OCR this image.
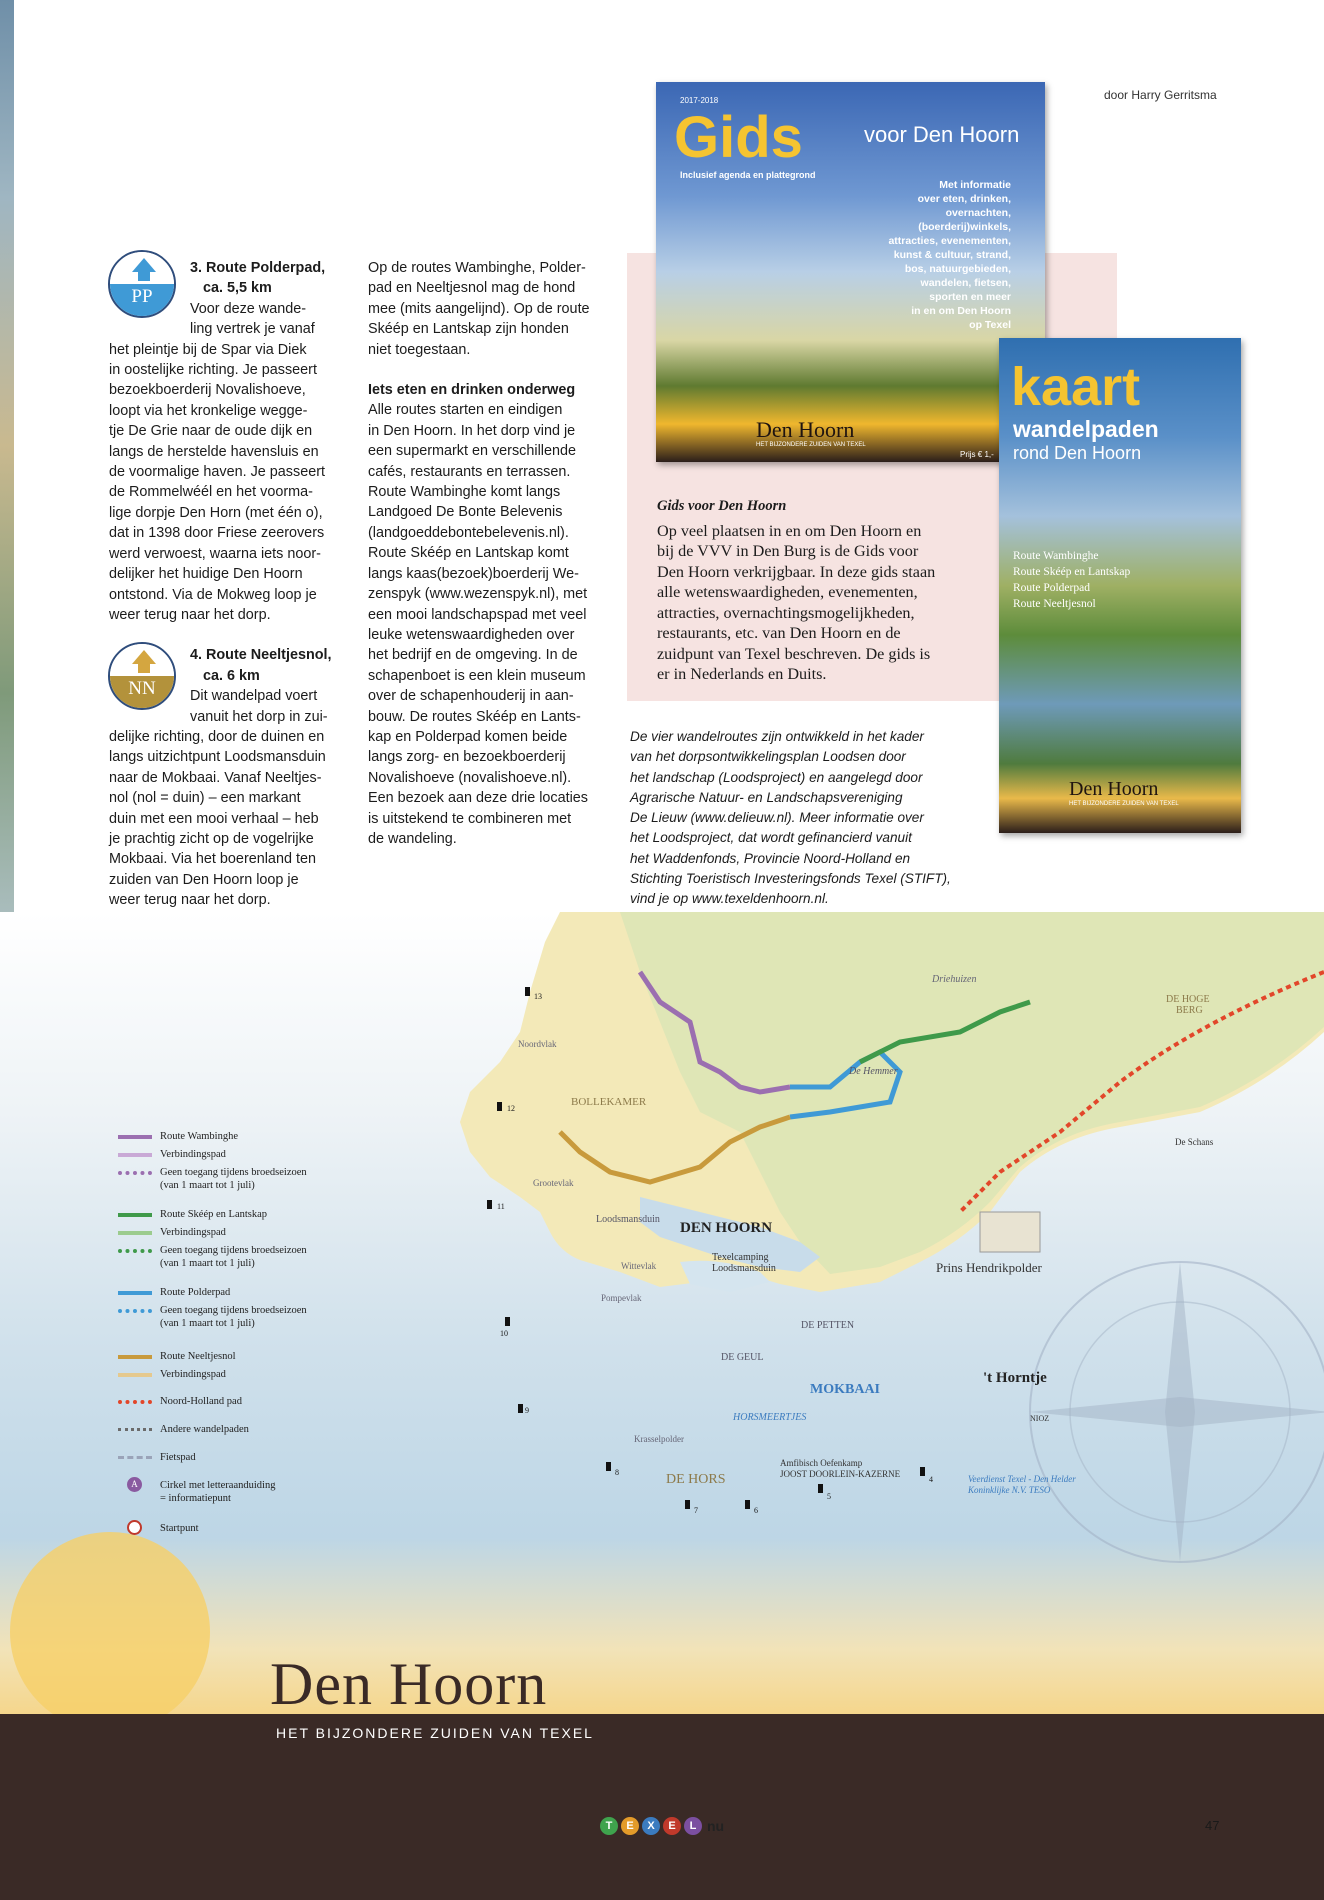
door Harry Gerritsma
PP
NN

3. Route Polderpad,

ca. 5,5 km

Voor deze wande-

ling vertrek je vanaf

het pleintje bij de Spar via Diek

in oostelijke richting. Je passeert

bezoekboerderij Novalishoeve,

loopt via het kronkelige wegge-

tje De Grie naar de oude dijk en

langs de herstelde havensluis en

de voormalige haven. Je passeert

de Rommelwéél en het voorma-

lige dorpje Den Horn (met één o),

dat in 1398 door Friese zeerovers

werd verwoest, waarna iets noor-

delijker het huidige Den Hoorn

ontstond. Via de Mokweg loop je

weer terug naar het dorp.

4. Route Neeltjesnol,

ca. 6 km

Dit wandelpad voert

vanuit het dorp in zui-

delijke richting, door de duinen en

langs uitzichtpunt Loodsmansduin

naar de Mokbaai. Vanaf Neeltjes-

nol (nol = duin) – een markant

duin met een mooi verhaal – heb

je prachtig zicht op de vogelrijke

Mokbaai. Via het boerenland ten

zuiden van Den Hoorn loop je

weer terug naar het dorp.

Op de routes Wambinghe, Polder-

pad en Neeltjesnol mag de hond

mee (mits aangelijnd). Op de route

Skéép en Lantskap zijn honden

niet toegestaan.

Iets eten en drinken onderweg

Alle routes starten en eindigen

in Den Hoorn. In het dorp vind je

een supermarkt en verschillende

cafés, restaurants en terrassen.

Route Wambinghe komt langs

Landgoed De Bonte Belevenis

(landgoeddebontebelevenis.nl).

Route Skéép en Lantskap komt

langs kaas(bezoek)boerderij We-

zenspyk (www.wezenspyk.nl), met

een mooi landschapspad met veel

leuke wetenswaardigheden over

het bedrijf en de omgeving. In de

schapenboet is een klein museum

over de schapenhouderij in aan-

bouw. De routes Skéép en Lants-

kap en Polderpad komen beide

langs zorg- en bezoekboerderij

Novalishoeve (novalishoeve.nl).

Een bezoek aan deze drie locaties

is uitstekend te combineren met

de wandeling.

2017-2018
Gids	voor Den Hoorn
Inclusief agenda en plattegrond
Met informatie
over eten, drinken,
overnachten,
(boerderij)winkels,
attracties, evenementen,
kunst & cultuur, strand,
bos, natuurgebieden,
wandelen, fietsen,
sporten en meer
in en om Den Hoorn
op Texel
Den Hoorn
HET BIJZONDERE ZUIDEN VAN TEXEL
Prijs € 1,-
kaart
wandelpaden
rond Den Hoorn
Route Wambinghe
Route Skéép en Lantskap
Route Polderpad
Route Neeltjesnol
Den Hoorn
HET BIJZONDERE ZUIDEN VAN TEXEL
Gids voor Den Hoorn
Op veel plaatsen in en om Den Hoorn en
bij de VVV in Den Burg is de Gids voor
Den Hoorn verkrijgbaar. In deze gids staan
alle wetenswaardigheden, evenementen,
attracties, overnachtingsmogelijkheden,
restaurants, etc. van Den Hoorn en de
zuidpunt van Texel beschreven. De gids is
er in Nederlands en Duits.
De vier wandelroutes zijn ontwikkeld in het kader
van het dorpsontwikkelingsplan Loodsen door
het landschap (Loodsproject) en aangelegd door
Agrarische Natuur- en Landschapsvereniging
De Lieuw (www.delieuw.nl). Meer informatie over
het Loodsproject, dat wordt gefinancierd vanuit
het Waddenfonds, Provincie Noord-Holland en
Stichting Toeristisch Investeringsfonds Texel (STIFT),
vind je op www.texeldenhoorn.nl.
DEN HOORN
MOKBAAI
't Horntje
DE HORS
BOLLEKAMER
Prins Hendrikpolder
De Hemmer
DE PETTEN
DE GEUL
HORSMEERTJES
Loodsmansduin
Texelcamping
Loodsmansduin
Driehuizen
DE HOGE
BERG
De Schans
NIOZ
Veerdienst Texel - Den Helder
Koninklijke N.V. TESO
Amfibisch Oefenkamp
JOOST DOORLEIN-KAZERNE
Pompevlak
Wittevlak
Grootevlak
Noordvlak
Krasselpolder
13
12
11
10
9
8
7	6
5
4
Route Wambinghe
Verbindingspad
Geen toegang tijdens broedseizoen
(van 1 maart tot 1 juli)
Route Skéép en Lantskap
Verbindingspad
Geen toegang tijdens broedseizoen
(van 1 maart tot 1 juli)
Route Polderpad
Geen toegang tijdens broedseizoen
(van 1 maart tot 1 juli)
Route Neeltjesnol
Verbindingspad
Noord-Holland pad
Andere wandelpaden
Fietspad
A	Cirkel met letteraanduiding
= informatiepunt
Startpunt
Den Hoorn
HET BIJZONDERE ZUIDEN VAN TEXEL
T	E	X	E	L nu	47
